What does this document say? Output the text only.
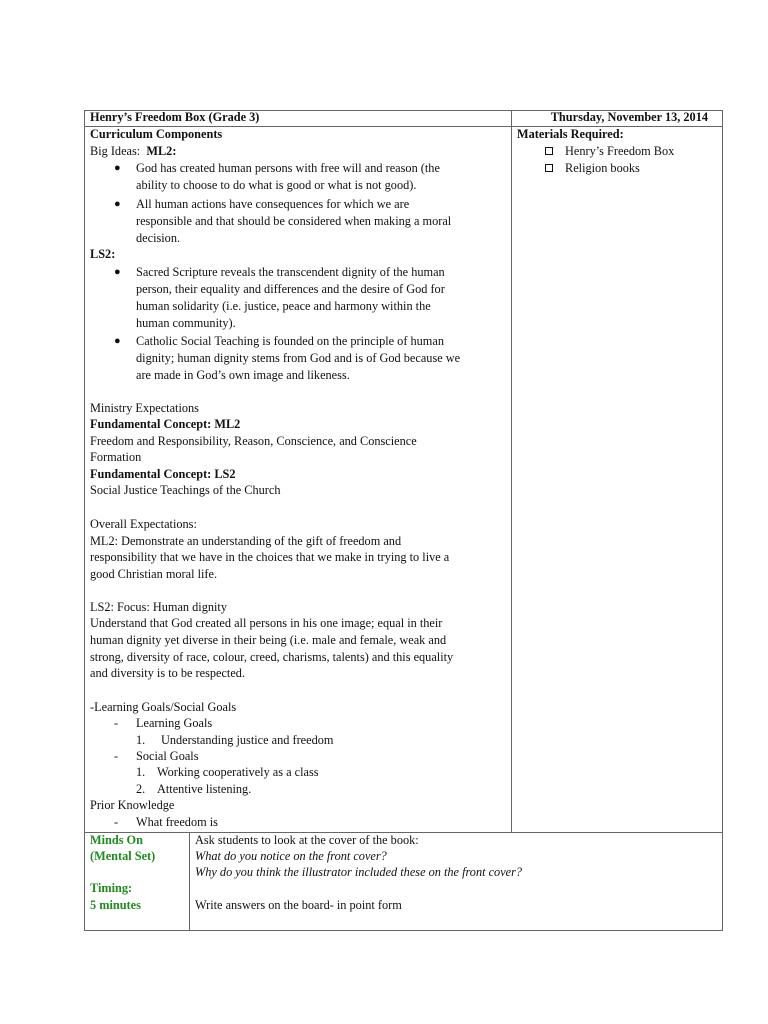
Henry’s Freedom Box (Grade 3)	Thursday, November 13, 2014
Curriculum Components
Big Ideas: ML2:
● God has created human persons with free will and reason (the
ability to choose to do what is good or what is not good).
● All human actions have consequences for which we are
responsible and that should be considered when making a moral
decision.
LS2:
● Sacred Scripture reveals the transcendent dignity of the human
person, their equality and differences and the desire of God for
human solidarity (i.e. justice, peace and harmony within the
human community).
● Catholic Social Teaching is founded on the principle of human
dignity; human dignity stems from God and is of God because we
are made in God’s own image and likeness.
Ministry Expectations
Fundamental Concept: ML2
Freedom and Responsibility, Reason, Conscience, and Conscience
Formation
Fundamental Concept: LS2
Social Justice Teachings of the Church
Overall Expectations:
ML2: Demonstrate an understanding of the gift of freedom and
responsibility that we have in the choices that we make in trying to live a
good Christian moral life.
LS2: Focus: Human dignity
Understand that God created all persons in his one image; equal in their
human dignity yet diverse in their being (i.e. male and female, weak and
strong, diversity of race, colour, creed, charisms, talents) and this equality
and diversity is to be respected.
-Learning Goals/Social Goals
- Learning Goals
1. Understanding justice and freedom
- Social Goals
1. Working cooperatively as a class
2. Attentive listening.
Prior Knowledge
- What freedom is
Materials Required:
Henry’s Freedom Box
Religion books
Minds On
(Mental Set)
Timing:
5 minutes
Ask students to look at the cover of the book:
What do you notice on the front cover?
Why do you think the illustrator included these on the front cover?
Write answers on the board- in point form
